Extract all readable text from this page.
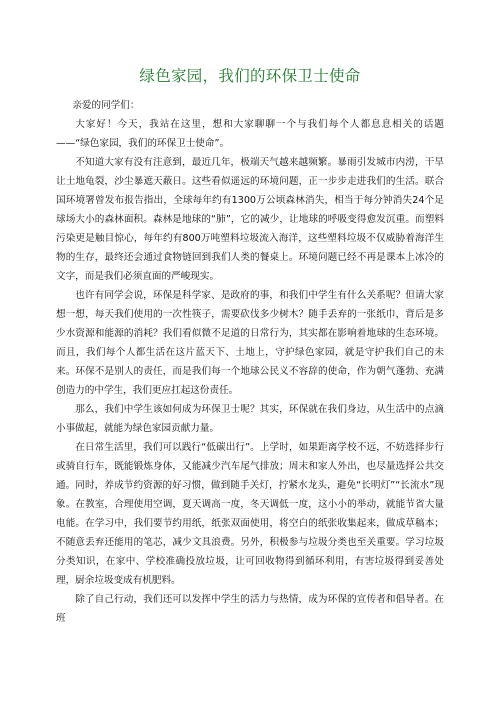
绿色家园，我们的环保卫士使命

亲爱的同学们：

大家好！今天，我站在这里，想和大家聊聊一个与我们每个人都息息相关的话题——“绿色家园，我们的环保卫士使命”。

不知道大家有没有注意到，最近几年，极端天气越来越频繁。暴雨引发城市内涝，干旱让土地龟裂，沙尘暴遮天蔽日。这些看似遥远的环境问题，正一步步走进我们的生活。联合国环境署曾发布报告指出，全球每年约有1300万公顷森林消失，相当于每分钟消失24个足球场大小的森林面积。森林是地球的“肺”，它的减少，让地球的呼吸变得愈发沉重。而塑料污染更是触目惊心，每年约有800万吨塑料垃圾流入海洋，这些塑料垃圾不仅威胁着海洋生物的生存，最终还会通过食物链回到我们人类的餐桌上。环境问题已经不再是课本上冰冷的文字，而是我们必须直面的严峻现实。

也许有同学会说，环保是科学家、是政府的事，和我们中学生有什么关系呢？但请大家想一想，每天我们使用的一次性筷子，需要砍伐多少树木？随手丢弃的一张纸巾，背后是多少水资源和能源的消耗？我们看似微不足道的日常行为，其实都在影响着地球的生态环境。而且，我们每个人都生活在这片蓝天下、土地上，守护绿色家园，就是守护我们自己的未来。环保不是别人的责任，而是我们每一个地球公民义不容辞的使命，作为朝气蓬勃、充满创造力的中学生，我们更应扛起这份责任。

那么，我们中学生该如何成为环保卫士呢？其实，环保就在我们身边，从生活中的点滴小事做起，就能为绿色家园贡献力量。

在日常生活里，我们可以践行“低碳出行”。上学时，如果距离学校不远，不妨选择步行或骑自行车，既能锻炼身体，又能减少汽车尾气排放；周末和家人外出，也尽量选择公共交通。同时，养成节约资源的好习惯，做到随手关灯，拧紧水龙头，避免“长明灯”“长流水”现象。在教室，合理使用空调，夏天调高一度，冬天调低一度，这小小的举动，就能节省大量电能。在学习中，我们要节约用纸，纸张双面使用，将空白的纸张收集起来，做成草稿本；不随意丢弃还能用的笔芯，减少文具浪费。另外，积极参与垃圾分类也至关重要。学习垃圾分类知识，在家中、学校准确投放垃圾，让可回收物得到循环利用，有害垃圾得到妥善处理，厨余垃圾变成有机肥料。

除了自己行动，我们还可以发挥中学生的活力与热情，成为环保的宣传者和倡导者。在班
